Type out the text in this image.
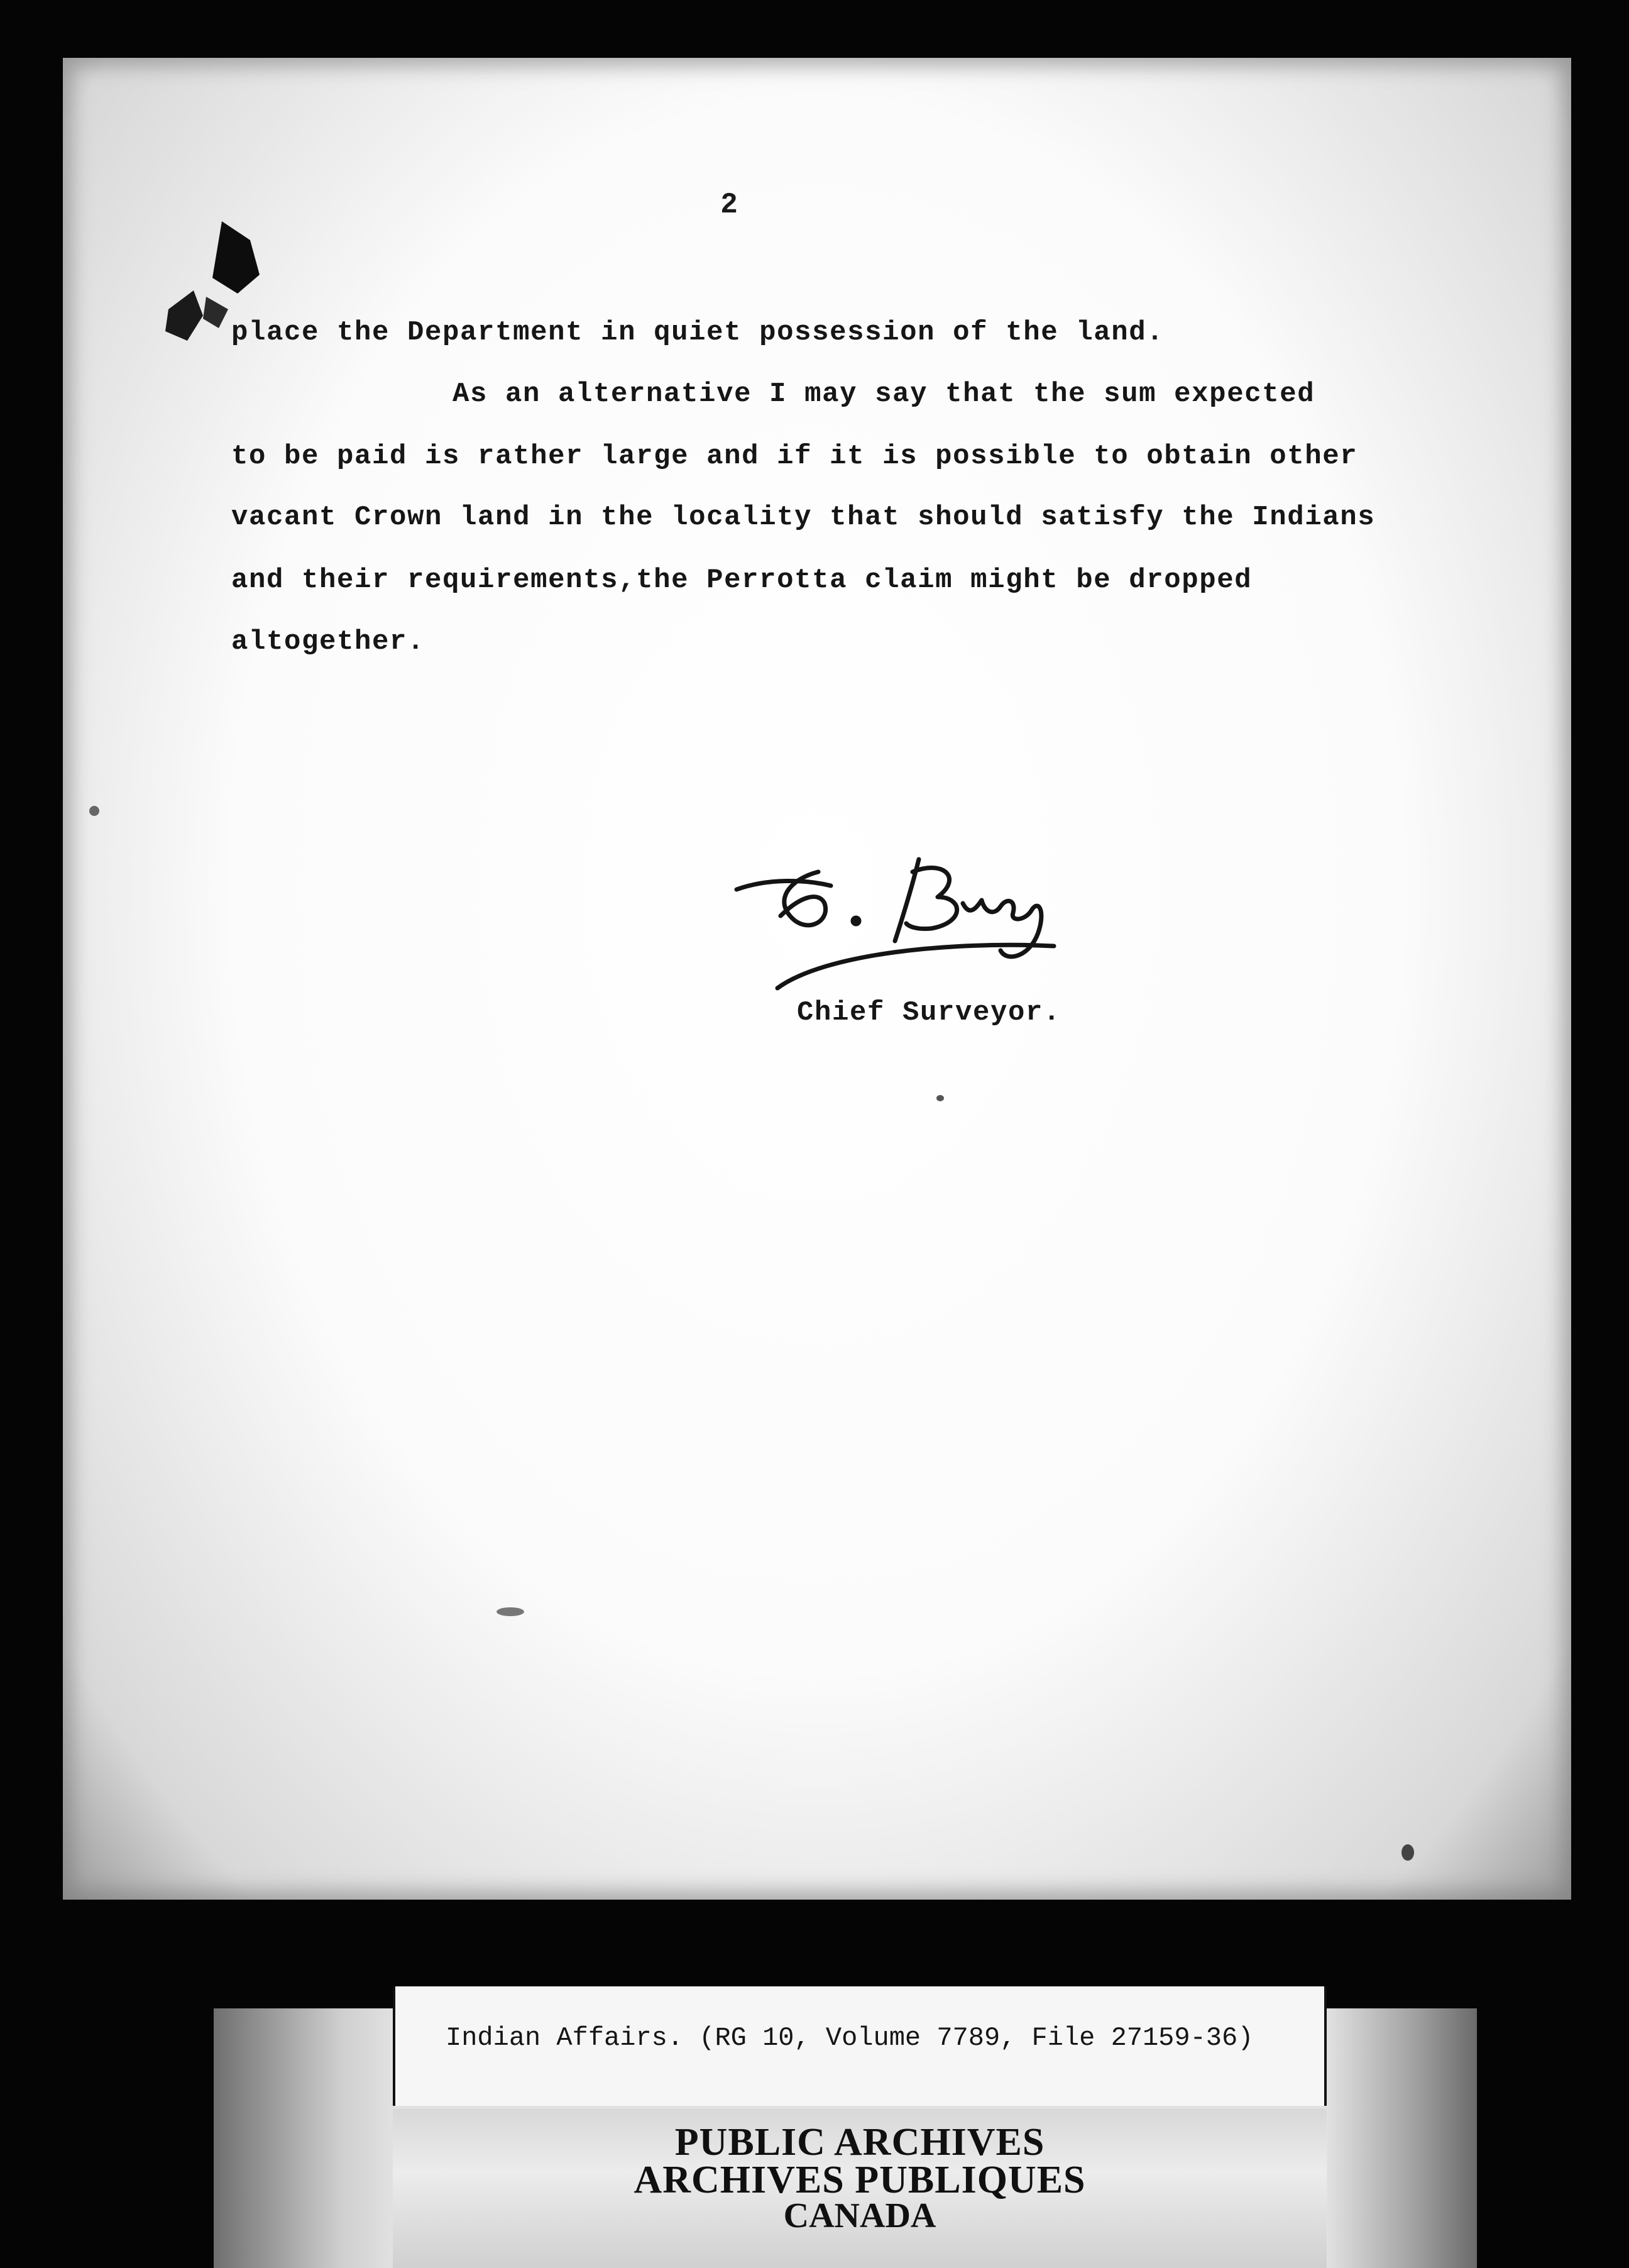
2
place the Department in quiet possession of the land.
As an alternative I may say that the sum expected
to be paid is rather large and if it is possible to obtain other
vacant Crown land in the locality that should satisfy the Indians
and their requirements,the Perrotta claim might be dropped
altogether.
Chief Surveyor.
Indian Affairs. (RG 10, Volume 7789, File 27159-36)
PUBLIC ARCHIVES
ARCHIVES PUBLIQUES
CANADA
